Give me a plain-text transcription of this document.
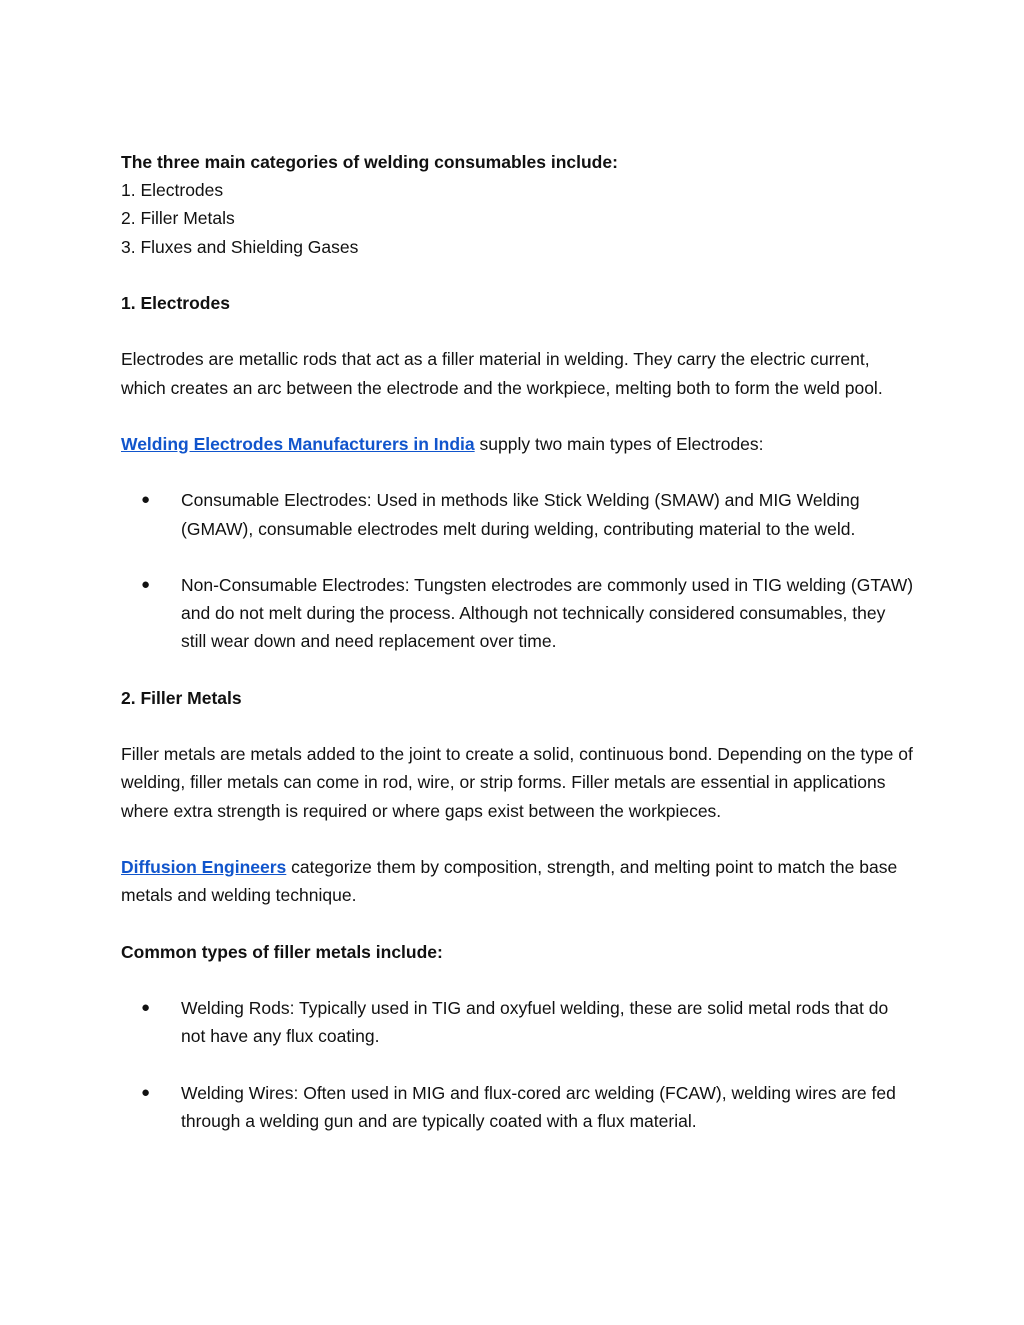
The three main categories of welding consumables include:

1. Electrodes

2. Filler Metals

3. Fluxes and Shielding Gases

1. Electrodes

Electrodes are metallic rods that act as a filler material in welding. They carry the electric current, which creates an arc between the electrode and the workpiece, melting both to form the weld pool.

Welding Electrodes Manufacturers in India supply two main types of Electrodes:

● Consumable Electrodes: Used in methods like Stick Welding (SMAW) and MIG Welding (GMAW), consumable electrodes melt during welding, contributing material to the weld.
● Non-Consumable Electrodes: Tungsten electrodes are commonly used in TIG welding (GTAW) and do not melt during the process. Although not technically considered consumables, they still wear down and need replacement over time.

2. Filler Metals

Filler metals are metals added to the joint to create a solid, continuous bond. Depending on the type of welding, filler metals can come in rod, wire, or strip forms. Filler metals are essential in applications where extra strength is required or where gaps exist between the workpieces.

Diffusion Engineers categorize them by composition, strength, and melting point to match the base metals and welding technique.

Common types of filler metals include:

● Welding Rods: Typically used in TIG and oxyfuel welding, these are solid metal rods that do not have any flux coating.
● Welding Wires: Often used in MIG and flux-cored arc welding (FCAW), welding wires are fed through a welding gun and are typically coated with a flux material.
